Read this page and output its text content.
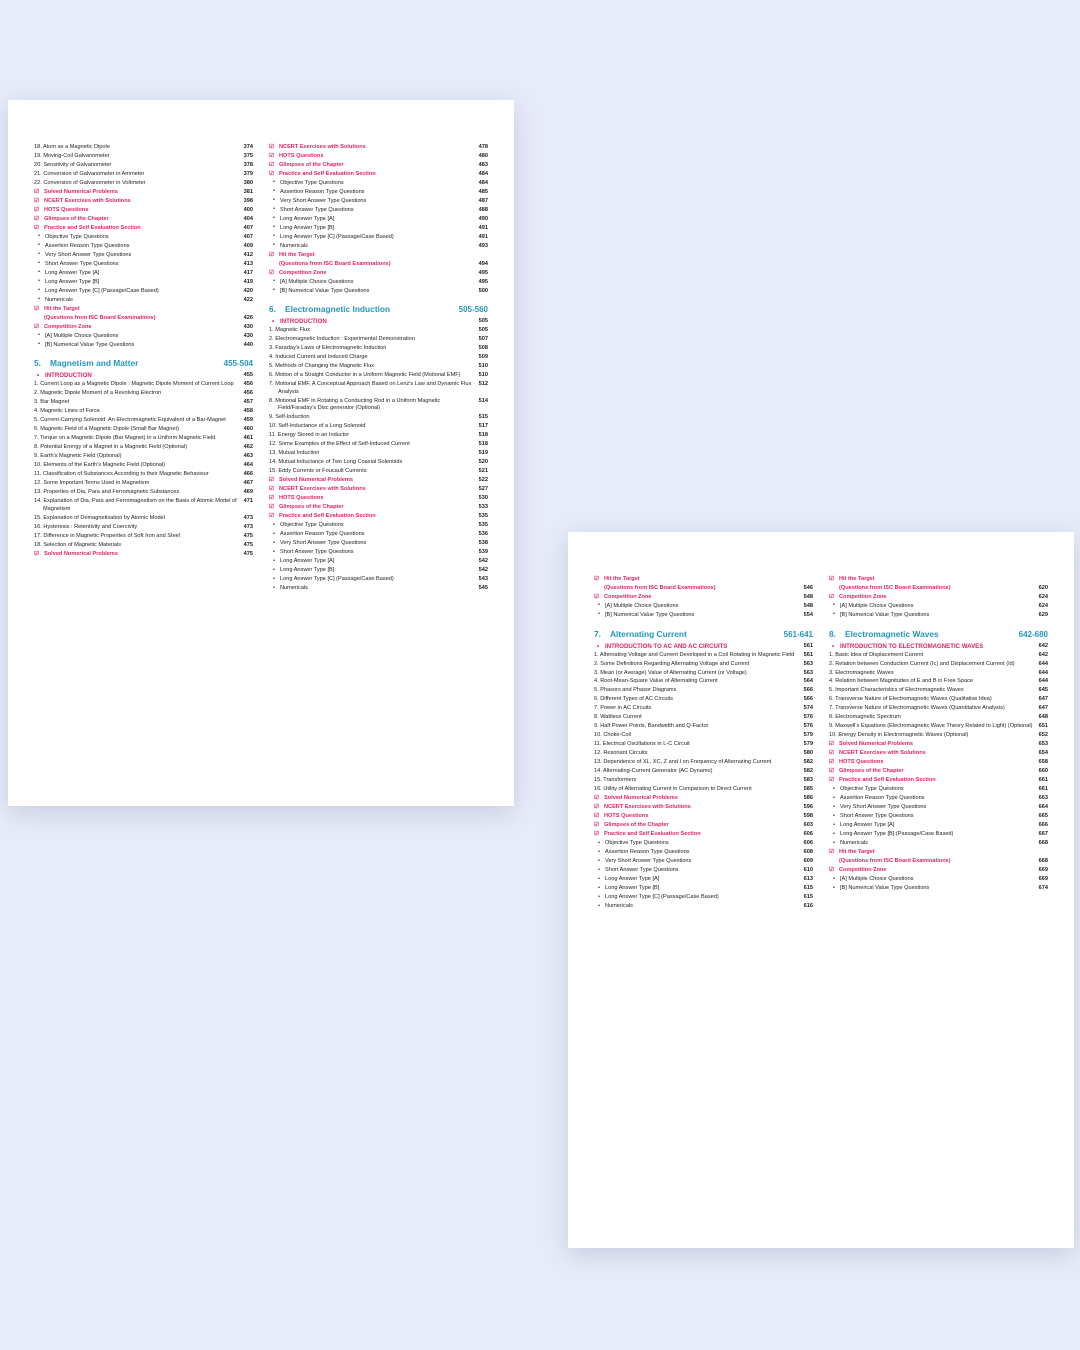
18. Atom as a Magnetic Dipole	374
19. Moving-Coil Galvanometer	375
20. Sensitivity of Galvanometer	378
21. Conversion of Galvanometer in Ammeter	379
22. Conversion of Galvanometer in Voltmeter	380
☑ Solved Numerical Problems	381
☑ NCERT Exercises with Solutions	398
☑ HOTS Questions	400
☑ Glimpses of the Chapter	404
☑ Practice and Self Evaluation Section	407
• Objective Type Questions	407
• Assertion Reason Type Questions	409
• Very Short Answer Type Questions	412
• Short Answer Type Questions	413
• Long Answer Type [A]	417
• Long Answer Type [B]	419
• Long Answer Type [C] (Passage/Case Based)	420
• Numericals	422
☑ Hit the Target
(Questions from ISC Board Examinations)	426
☑ Competition Zone	430
• [A] Multiple Choice Questions	430
• [B] Numerical Value Type Questions	440
5.	Magnetism and Matter	455-504
• INTRODUCTION	455
1. Current Loop as a Magnetic Dipole : Magnetic Dipole Moment of Current Loop	456
2. Magnetic Dipole Moment of a Revolving Electron	456
3. Bar Magnet	457
4. Magnetic Lines of Force	458
5. Current-Carrying Solenoid: An Electromagnetic Equivalent of a Bar-Magnet	459
6. Magnetic Field of a Magnetic Dipole (Small Bar Magnet)	460
7. Torque on a Magnetic Dipole (Bar Magnet) in a Uniform Magnetic Field	461
8. Potential Energy of a Magnet in a Magnetic Field (Optional)	462
9. Earth's Magnetic Field (Optional)	463
10. Elements of the Earth's Magnetic Field (Optional)	464
11. Classification of Substances According to their Magnetic Behaviour	466
12. Some Important Terms Used in Magnetism	467
13. Properties of Dia, Para and Ferromagnetic Substances	469
14. Explanation of Dia, Para and Ferromagnetism on the Basis of Atomic Model of Magnetism
471
15. Explanation of Demagnetisation by Atomic Model	473
16. Hysteresis : Retentivity and Coercivity	473
17. Difference in Magnetic Properties of Soft Iron and Steel	475
18. Selection of Magnetic Materials	475
☑ Solved Numerical Problems	475
☑ NCERT Exercises with Solutions	478
☑ HOTS Questions	480
☑ Glimpses of the Chapter	483
☑ Practice and Self Evaluation Section	484
• Objective Type Questions	484
• Assertion Reason Type Questions	485
• Very Short Answer Type Questions	487
• Short Answer Type Questions	488
• Long Answer Type [A]	490
• Long Answer Type [B]	491
• Long Answer Type [C] (Passage/Case Based)	491
• Numericals	493
☑ Hit the Target
(Questions from ISC Board Examinations)	494
☑ Competition Zone	495
• [A] Multiple Choice Questions	495
• [B] Numerical Value Type Questions	500
6.	Electromagnetic Induction	505-560
• INTRODUCTION	505
1. Magnetic Flux	505
2. Electromagnetic Induction : Experimental Demonstration	507
3. Faraday's Laws of Electromagnetic Induction	508
4. Induced Current and Induced Charge	509
5. Methods of Changing the Magnetic Flux	510
6. Motion of a Straight Conductor in a Uniform Magnetic Field (Motional EMF)	510
7. Motional EMF, A Conceptual Approach Based on Lenz's Law and Dynamic Flux Analysis
512
8. Motional EMF in Rotating a Conducting Rod in a Uniform Magnetic Field/Faraday's Disc generator (Optional)
514
9. Self-Induction	515
10. Self-Inductance of a Long Solenoid	517
11. Energy Stored in an Inductor	518
12. Some Examples of the Effect of Self-Induced Current	518
13. Mutual Induction	519
14. Mutual Inductance of Two Long Coaxial Solenoids	520
15. Eddy Currents or Foucault Currents	521
☑ Solved Numerical Problems	522
☑ NCERT Exercises with Solutions	527
☑ HOTS Questions	530
☑ Glimpses of the Chapter	533
☑ Practice and Self Evaluation Section	535
• Objective Type Questions	535
• Assertion Reason Type Questions	536
• Very Short Answer Type Questions	538
• Short Answer Type Questions	539
• Long Answer Type [A]	542
• Long Answer Type [B]	542
• Long Answer Type [C] (Passage/Case Based)	543
• Numericals	545
☑ Hit the Target
(Questions from ISC Board Examinations)	546
☑ Competition Zone	548
• [A] Multiple Choice Questions	548
• [B] Numerical Value Type Questions	554
7.	Alternating Current	561-641
• INTRODUCTION TO AC AND AC CIRCUITS	561
1. Alternating Voltage and Current Developed in a Coil Rotating in Magnetic Field	561
2. Some Definitions Regarding Alternating Voltage and Current	563
3. Mean (or Average) Value of Alternating Current (or Voltage)	563
4. Root-Mean-Square Value of Alternating Current	564
5. Phasors and Phasor Diagrams	566
6. Different Types of AC Circuits	566
7. Power in AC Circuits	574
8. Wattless Current	576
9. Half Power Points, Bandwidth and Q-Factor	576
10. Choke-Coil	579
11. Electrical Oscillations in L-C Circuit	579
12. Resonant Circuits	580
13. Dependence of XL, XC, Z and I on Frequency of Alternating Current	582
14. Alternating-Current Generator (AC Dynamo)	582
15. Transformers	583
16. Utility of Alternating Current in Comparison to Direct Current	585
☑ Solved Numerical Problems	586
☑ NCERT Exercises with Solutions	596
☑ HOTS Questions	598
☑ Glimpses of the Chapter	603
☑ Practice and Self Evaluation Section	606
• Objective Type Questions	606
• Assertion Reason Type Questions	608
• Very Short Answer Type Questions	609
• Short Answer Type Questions	610
• Long Answer Type [A]	613
• Long Answer Type [B]	615
• Long Answer Type [C] (Passage/Case Based)	615
• Numericals	616
☑ Hit the Target
(Questions from ISC Board Examinations)	620
☑ Competition Zone	624
• [A] Multiple Choice Questions	624
• [B] Numerical Value Type Questions	629
8.	Electromagnetic Waves	642-680
• INTRODUCTION TO ELECTROMAGNETIC WAVES	642
1. Basic Idea of Displacement Current	642
2. Relation between Conduction Current (Ic) and Displacement Current (Id)	644
3. Electromagnetic Waves	644
4. Relation between Magnitudes of E and B in Free Space	644
5. Important Characteristics of Electromagnetic Waves	645
6. Transverse Nature of Electromagnetic Waves (Qualitative Idea)	647
7. Transverse Nature of Electromagnetic Waves (Quantitative Analysis)	647
8. Electromagnetic Spectrum	648
9. Maxwell's Equations (Electromagnetic Wave Theory Related to Light) (Optional) 651
10. Energy Density in Electromagnetic Waves (Optional)	652
☑ Solved Numerical Problems	653
☑ NCERT Exercises with Solutions	654
☑ HOTS Questions	658
☑ Glimpses of the Chapter	660
☑ Practice and Self Evaluation Section	661
• Objective Type Questions	661
• Assertion Reason Type Questions	663
• Very Short Answer Type Questions	664
• Short Answer Type Questions	665
• Long Answer Type [A]	666
• Long Answer Type [B] (Passage/Case Based)	667
• Numericals	668
☑ Hit the Target
(Questions from ISC Board Examinations)	668
☑ Competition Zone	669
• [A] Multiple Choice Questions	669
• [B] Numerical Value Type Questions	674
